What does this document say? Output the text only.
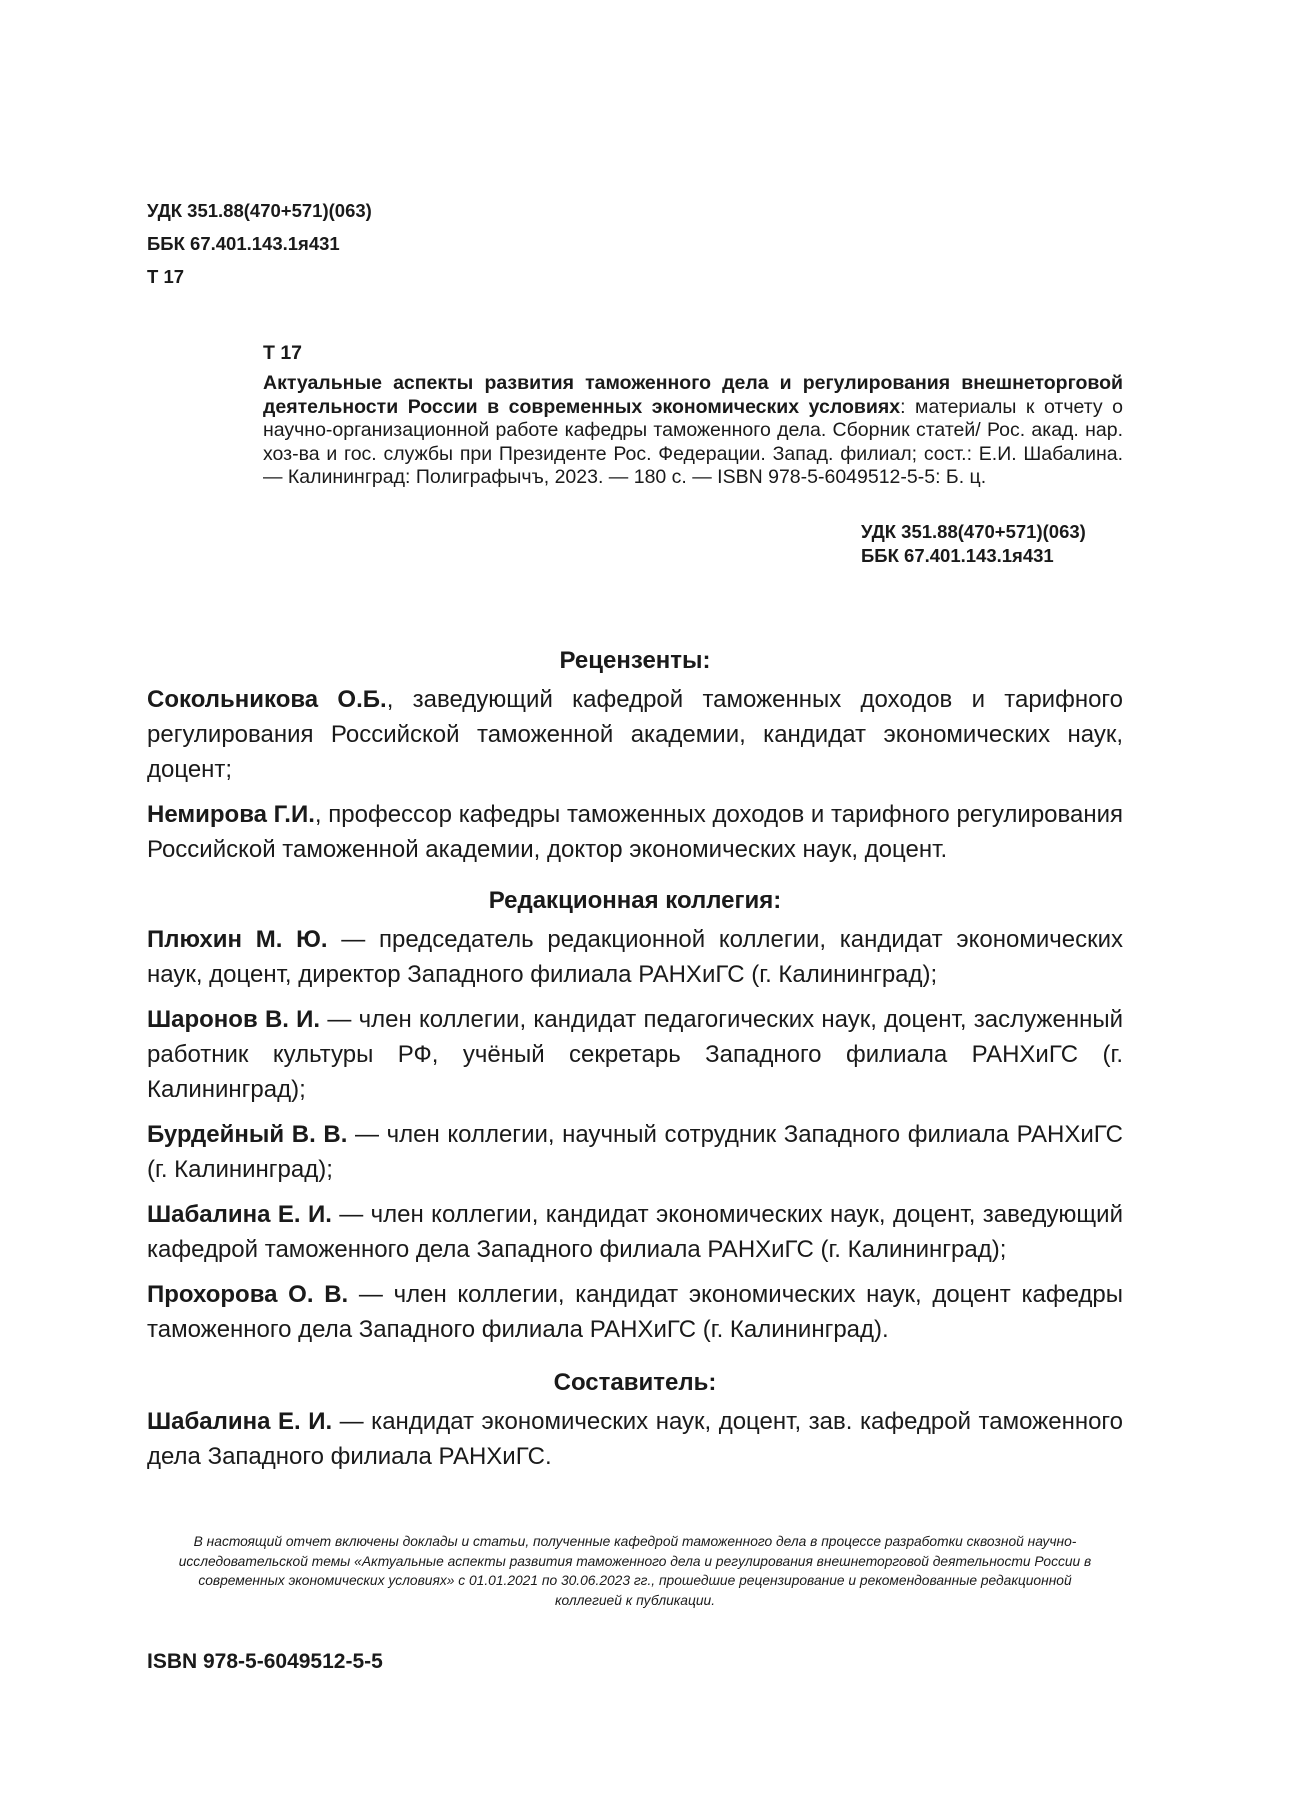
УДК 351.88(470+571)(063)
ББК 67.401.143.1я431
Т 17
Т 17
Актуальные аспекты развития таможенного дела и регулирования внешнеторговой деятельности России в современных экономических условиях: материалы к отчету о научно-организационной работе кафедры таможенного дела. Сборник статей/ Рос. акад. нар. хоз-ва и гос. службы при Президенте Рос. Федерации. Запад. филиал; сост.: Е.И. Шабалина. — Калининград: Полиграфычъ, 2023. — 180 с. — ISBN 978-5-6049512-5-5: Б. ц.
УДК 351.88(470+571)(063)
ББК 67.401.143.1я431
Рецензенты:
Сокольникова О.Б., заведующий кафедрой таможенных доходов и тарифного регулирования Российской таможенной академии, кандидат экономических наук, доцент;
Немирова Г.И., профессор кафедры таможенных доходов и тарифного регулирования Российской таможенной академии, доктор экономических наук, доцент.
Редакционная коллегия:
Плюхин М. Ю. — председатель редакционной коллегии, кандидат экономических наук, доцент, директор Западного филиала РАНХиГС (г. Калининград);
Шаронов В. И. — член коллегии, кандидат педагогических наук, доцент, заслуженный работник культуры РФ, учёный секретарь Западного филиала РАНХиГС (г. Калининград);
Бурдейный В. В. — член коллегии, научный сотрудник Западного филиала РАНХиГС (г. Калининград);
Шабалина Е. И. — член коллегии, кандидат экономических наук, доцент, заведующий кафедрой таможенного дела Западного филиала РАНХиГС (г. Калининград);
Прохорова О. В. — член коллегии, кандидат экономических наук, доцент кафедры таможенного дела Западного филиала РАНХиГС (г. Калининград).
Составитель:
Шабалина Е. И. — кандидат экономических наук, доцент, зав. кафедрой таможенного дела Западного филиала РАНХиГС.
В настоящий отчет включены доклады и статьи, полученные кафедрой таможенного дела в процессе разработки сквозной научно-исследовательской темы «Актуальные аспекты развития таможенного дела и регулирования внешнеторговой деятельности России в современных экономических условиях» с 01.01.2021 по 30.06.2023 гг., прошедшие рецензирование и рекомендованные редакционной коллегией к публикации.
ISBN 978-5-6049512-5-5
